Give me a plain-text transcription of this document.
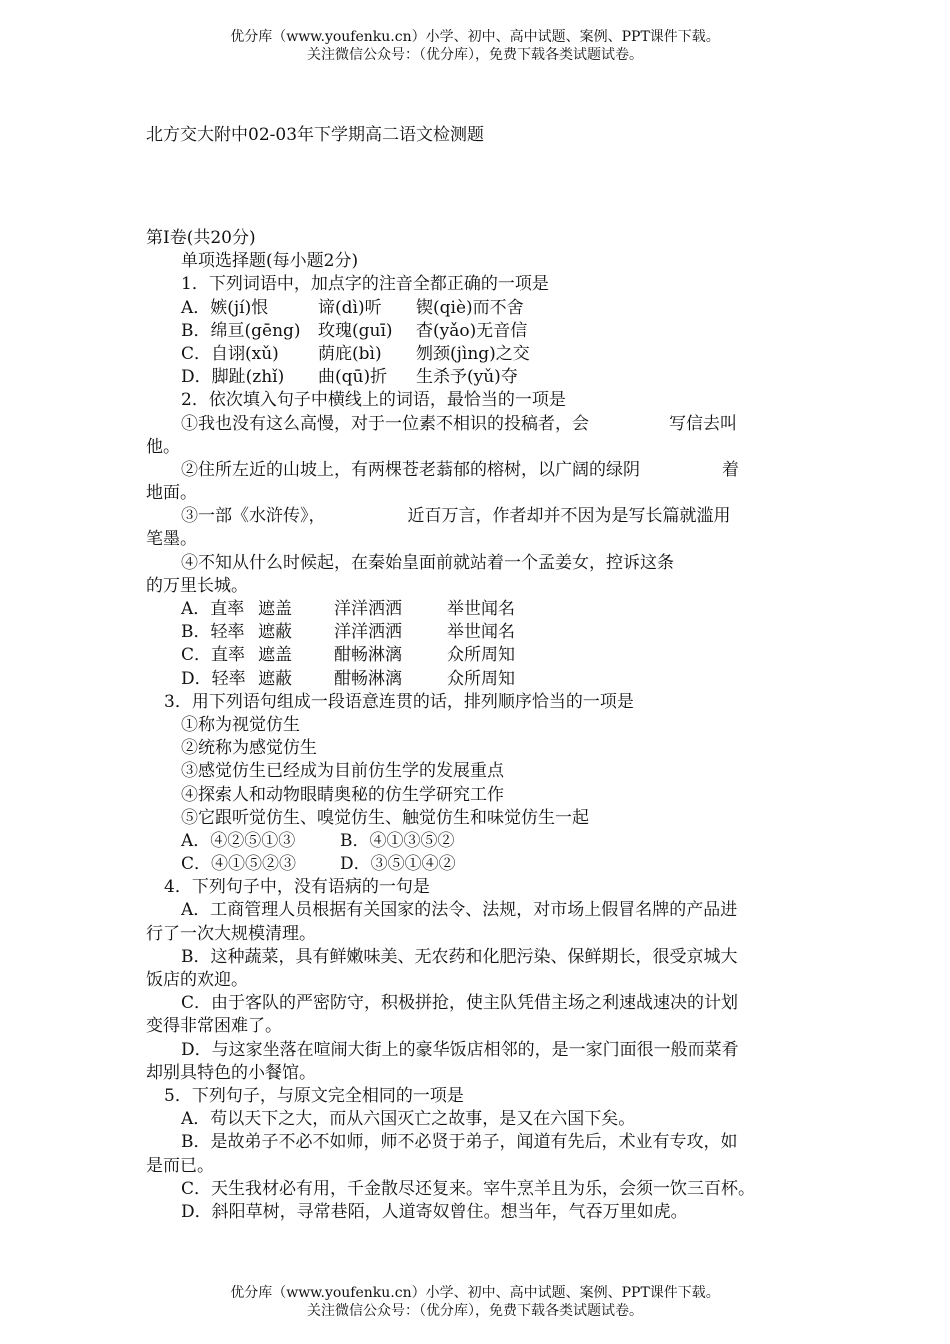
优分库（www.youfenku.cn）小学、初中、高中试题、案例、PPT课件下载。
关注微信公众号：（优分库），免费下载各类试题试卷。
北方交大附中02-03年下学期高二语文检测题
第Ⅰ卷(共20分)
单项选择题(每小题2分)
1．下列词语中，加点字的注音全都正确的一项是
A．嫉(jí)恨	谛(dì)听 锲(qiè)而不舍
B．绵亘(gēng) 玫瑰(guī) 杳(yǎo)无音信
C．自诩(xǔ) 荫庇(bì) 刎颈(jìng)之交
D．脚趾(zhǐ) 曲(qū)折 生杀予(yǔ)夺
2．依次填入句子中横线上的词语，最恰当的一项是
①我也没有这么高慢，对于一位素不相识的投稿者，会	写信去叫
他。
②住所左近的山坡上，有两棵苍老蓊郁的榕树，以广阔的绿阴	着
地面。
③一部《水浒传》，	近百万言，作者却并不因为是写长篇就滥用
笔墨。
④不知从什么时候起，在秦始皇面前就站着一个孟姜女，控诉这条
的万里长城。
A．直率 遮盖 洋洋洒洒	举世闻名
B．轻率 遮蔽 洋洋洒洒	举世闻名
C．直率 遮盖 酣畅淋漓	众所周知
D．轻率 遮蔽 酣畅淋漓	众所周知
3．用下列语句组成一段语意连贯的话，排列顺序恰当的一项是
①称为视觉仿生
②统称为感觉仿生
③感觉仿生已经成为目前仿生学的发展重点
④探索人和动物眼睛奥秘的仿生学研究工作
⑤它跟听觉仿生、嗅觉仿生、触觉仿生和味觉仿生一起
A．④②⑤①③	B．④①③⑤②
C．④①⑤②③	D．③⑤①④②
4．下列句子中，没有语病的一句是
A．工商管理人员根据有关国家的法令、法规，对市场上假冒名牌的产品进
行了一次大规模清理。
B．这种蔬菜，具有鲜嫩味美、无农药和化肥污染、保鲜期长，很受京城大
饭店的欢迎。
C．由于客队的严密防守，积极拼抢，使主队凭借主场之利速战速决的计划
变得非常困难了。
D．与这家坐落在喧闹大街上的豪华饭店相邻的，是一家门面很一般而菜肴
却别具特色的小餐馆。
5．下列句子，与原文完全相同的一项是
A．苟以天下之大，而从六国灭亡之故事，是又在六国下矣。
B．是故弟子不必不如师，师不必贤于弟子，闻道有先后，术业有专攻，如
是而已。
C．天生我材必有用，千金散尽还复来。宰牛烹羊且为乐，会须一饮三百杯。
D．斜阳草树，寻常巷陌，人道寄奴曾住。想当年，气吞万里如虎。
优分库（www.youfenku.cn）小学、初中、高中试题、案例、PPT课件下载。
关注微信公众号：（优分库），免费下载各类试题试卷。
